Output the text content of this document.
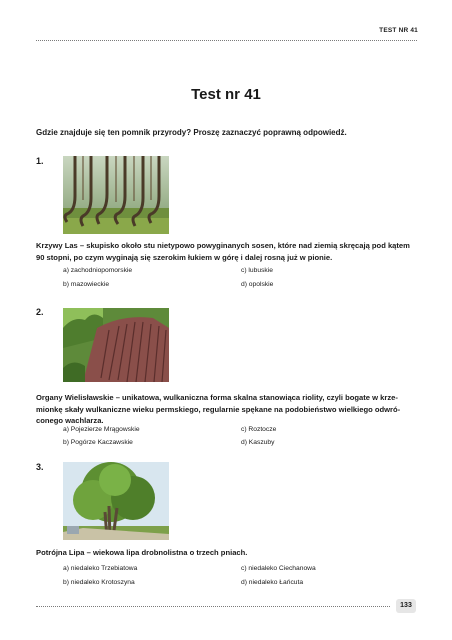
TEST NR 41
Test nr 41
Gdzie znajduje się ten pomnik przyrody? Proszę zaznaczyć poprawną odpowiedź.
1.
Krzywy Las – skupisko około stu nietypowo powyginanych sosen, które nad ziemią skręcają pod kątem
90 stopni, po czym wyginają się szerokim łukiem w górę i dalej rosną już w pionie.
a) zachodniopomorskie	c) lubuskie
b) mazowieckie	d) opolskie
2.
Organy Wielisławskie – unikatowa, wulkaniczna forma skalna stanowiąca riolity, czyli bogate w krze-
mionkę skały wulkaniczne wieku permskiego, regularnie spękane na podobieństwo wielkiego odwró-
conego wachlarza.
a) Pojezierze Mrągowskie	c) Roztocze
b) Pogórze Kaczawskie	d) Kaszuby
3.
Potrójna Lipa – wiekowa lipa drobnolistna o trzech pniach.
a) niedaleko Trzebiatowa	c) niedaleko Ciechanowa
b) niedaleko Krotoszyna	d) niedaleko Łańcuta
133
